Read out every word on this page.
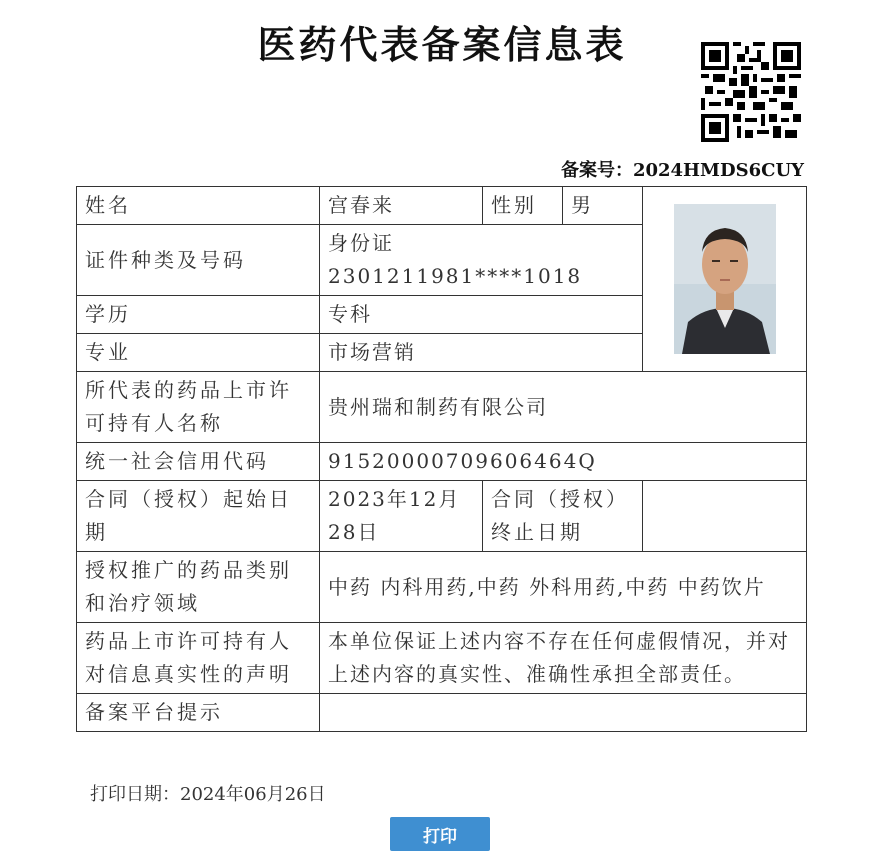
医药代表备案信息表
备案号：2024HMDS6CUY
姓名	宫春来	性别	男	

证件种类及号码	身份证 2301211981****1018			
学历	专科			
专业	市场营销			
所代表的药品上市许可持有人名称	贵州瑞和制药有限公司			
统一社会信用代码	91520000709606464Q			
合同（授权）起始日期	2023年12月28日	合同（授权）终止日期		
授权推广的药品类别和治疗领域	中药 内科用药,中药 外科用药,中药 中药饮片			
药品上市许可持有人对信息真实性的声明	本单位保证上述内容不存在任何虚假情况，并对上述内容的真实性、准确性承担全部责任。			
备案平台提示				
打印日期：2024年06月26日
打印
